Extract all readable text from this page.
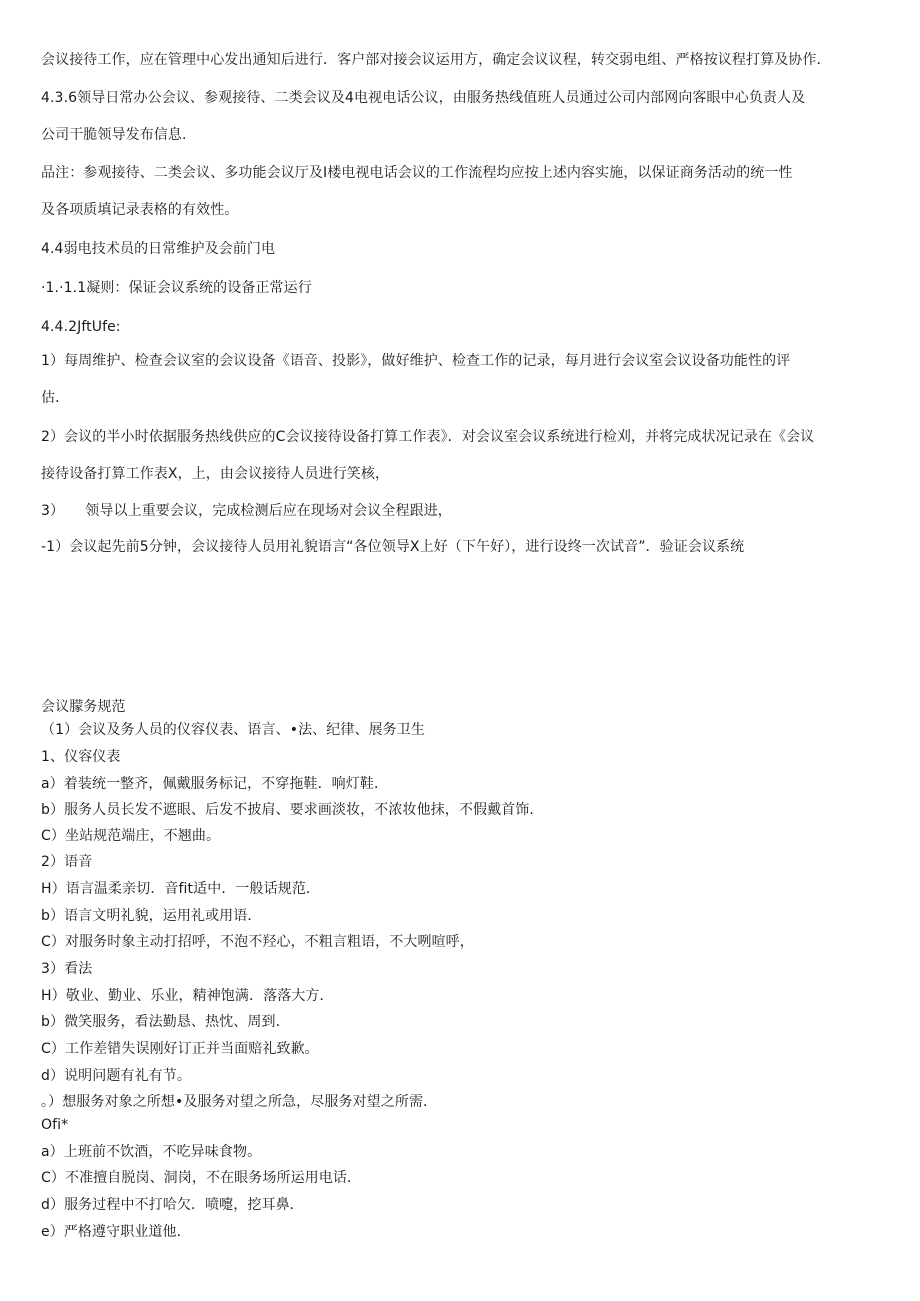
会议接待工作，应在管理中心发出通知后进行．客户部对接会议运用方，确定会议议程，转交弱电组、严格按议程打算及协作．

4.3.6领导日常办公会议、参观接待、二类会议及4电视电话公议，由服务热线值班人员通过公司内部网向客眼中心负责人及

公司干脆领导发布信息．

品注：参观接待、二类会议、多功能会议厅及I楼电视电话会议的工作流程均应按上述内容实施，以保证商务活动的统一性

及各项质填记录表格的有效性。

4.4弱电技术员的日常维护及会前门电

·1.·1.1凝则：保证会议系统的设备正常运行

4.4.2JftUfe:

1）每周维护、检查会议室的会议设备《语音、投影》，做好维护、检查工作的记录，每月进行会议室会议设备功能性的评

估．

2）会议的半小时依据服务热线供应的C会议接待设备打算工作表》．对会议室会议系统进行检刈，并将完成状况记录在《会议

接待设备打算工作表X，上，由会议接待人员进行笑核，

3）　　领导以上重要会议，完成检测后应在现场对会议全程跟进，

-1）会议起先前5分钟，会议接待人员用礼貌语言“各位领导X上好（下午好），进行设终一次试音”．验证会议系统

会议朦务规范

（1）会议及务人员的仪容仪表、语言、•法、纪律、展务卫生

1、仪容仪表

a）着装统一整齐，佩戴服务标记，不穿拖鞋．响灯鞋．

b）服务人员长发不遮眼、后发不披肩、要求画淡妆，不浓妆他抹，不假戴首饰．

C）坐站规范端庄，不翘曲。

2）语音

H）语言温柔亲切．音fit适中．一般话规范．

b）语言文明礼貌，运用礼或用语．

C）对服务时象主动打招呼，不泡不羟心，不粗言粗语，不大咧喧呼，

3）看法

H）敬业、勤业、乐业，精神饱满．落落大方．

b）微笑服务，看法勤恳、热忱、周到．

C）工作差错失误刚好订正并当面赔礼致歉。

d）说明问题有礼有节。

。）想服务对象之所想•及服务对望之所急，尽服务对望之所需．

Ofi*

a）上班前不饮酒，不吃异味食物。

C）不准擅自脱岗、洞岗，不在眼务场所运用电话．

d）服务过程中不打哈欠．喷嚏，挖耳鼻．

e）严格遵守职业道他．
